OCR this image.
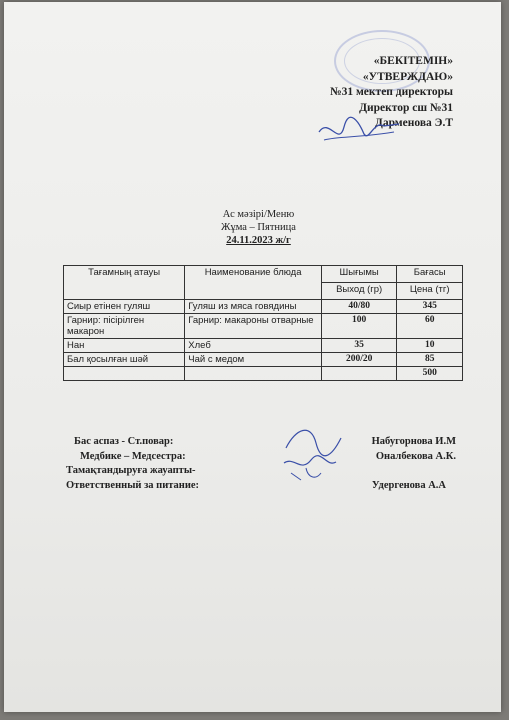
«БЕКІТЕМІН»
«УТВЕРЖДАЮ»
№31 мектеп директоры
Директор сш №31
Дарменова Э.Т
Ас мәзірі/Меню
Жұма – Пятница
24.11.2023 ж/г
Тағамның атауы	Наименование блюда	Шығымы	Бағасы
		Выход (гр)	Цена (тг)
Сиыр етінен гуляш	Гуляш из мяса говядины	40/80	345
Гарнир: пісірілген макарон	Гарнир: макароны отварные	100	60
Нан	Хлеб	35	10
Бал қосылған шәй	Чай с медом	200/20	85
			500
Бас аспаз - Ст.повар:	Набугорнова И.М
Медбике – Медсестра:	Оналбекова А.К.
Тамақтандыруға жауапты-
Ответственный за питание:	Удергенова А.А
